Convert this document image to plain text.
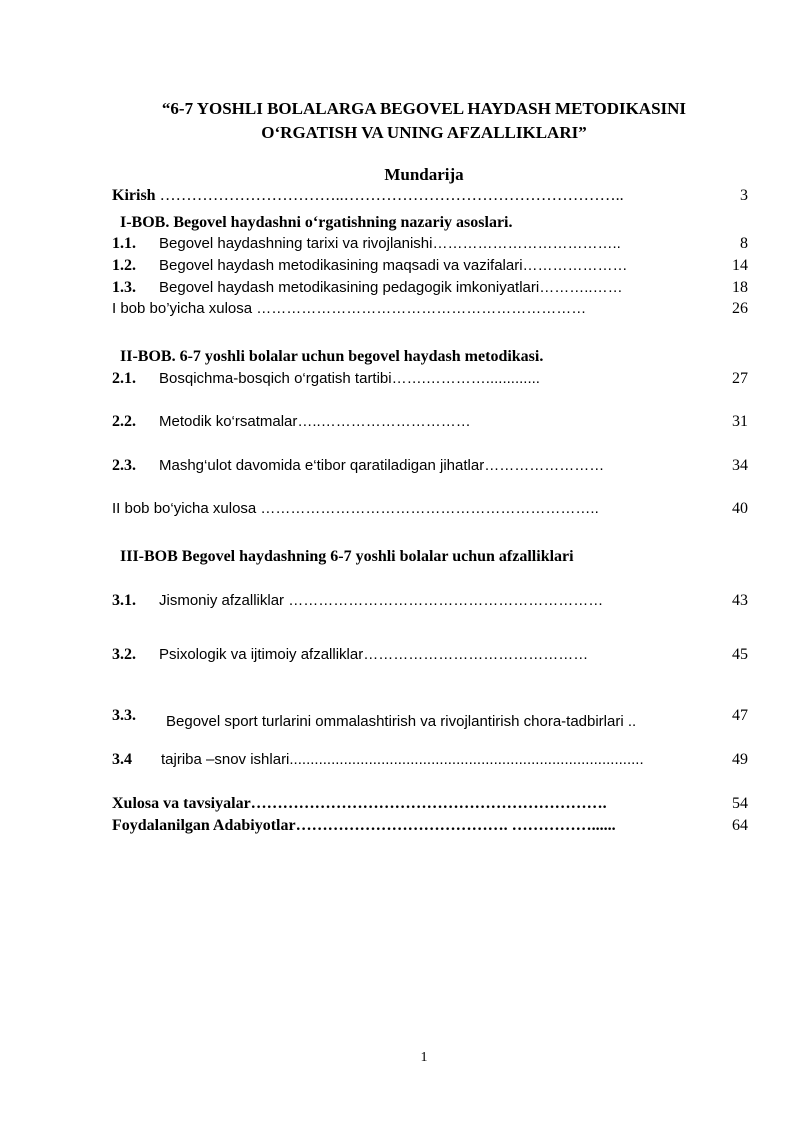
“6-7 YOSHLI BOLALARGA BEGOVEL HAYDASH METODIKASINI
O‘RGATISH VA UNING AFZALLIKLARI”
Mundarija
Kirish ……………………………..……………………………………………..	3
I-BOB. Begovel haydashni o‘rgatishning nazariy asoslari.
1.1. Begovel haydashning tarixi va rivojlanishi………………………………..	8
1.2. Begovel haydash metodikasining maqsadi va vazifalari…………………	14
1.3. Begovel haydash metodikasining pedagogik imkoniyatlari………..……	18
I bob bo’yicha xulosa …………………………………………………………	26
II-BOB. 6-7 yoshli bolalar uchun begovel haydash metodikasi.
2.1. Bosqichma-bosqich o‘rgatish tartibi…….………….............	27
2.2. Metodik ko‘rsatmalar…..…………………………	31
2.3. Mashg‘ulot davomida e‘tibor qaratiladigan jihatlar……………………	34
II bob bo‘yicha xulosa …………………………………………………………..	40
III-BOB Begovel haydashning 6-7 yoshli bolalar uchun afzalliklari
3.1. Jismoniy afzalliklar ………………………………………………………	43
3.2. Psixologik va ijtimoiy afzalliklar………………………………………	45
3.3. Begovel sport turlarini ommalashtirish va rivojlantirish chora-tadbirlari ..	47
3.4 tajriba –snov ishlari.....................................................................................	49
Xulosa va tavsiyalar………………………………………………………….	54
Foydalanilgan Adabiyotlar…………………………………. ……………......	64
1
